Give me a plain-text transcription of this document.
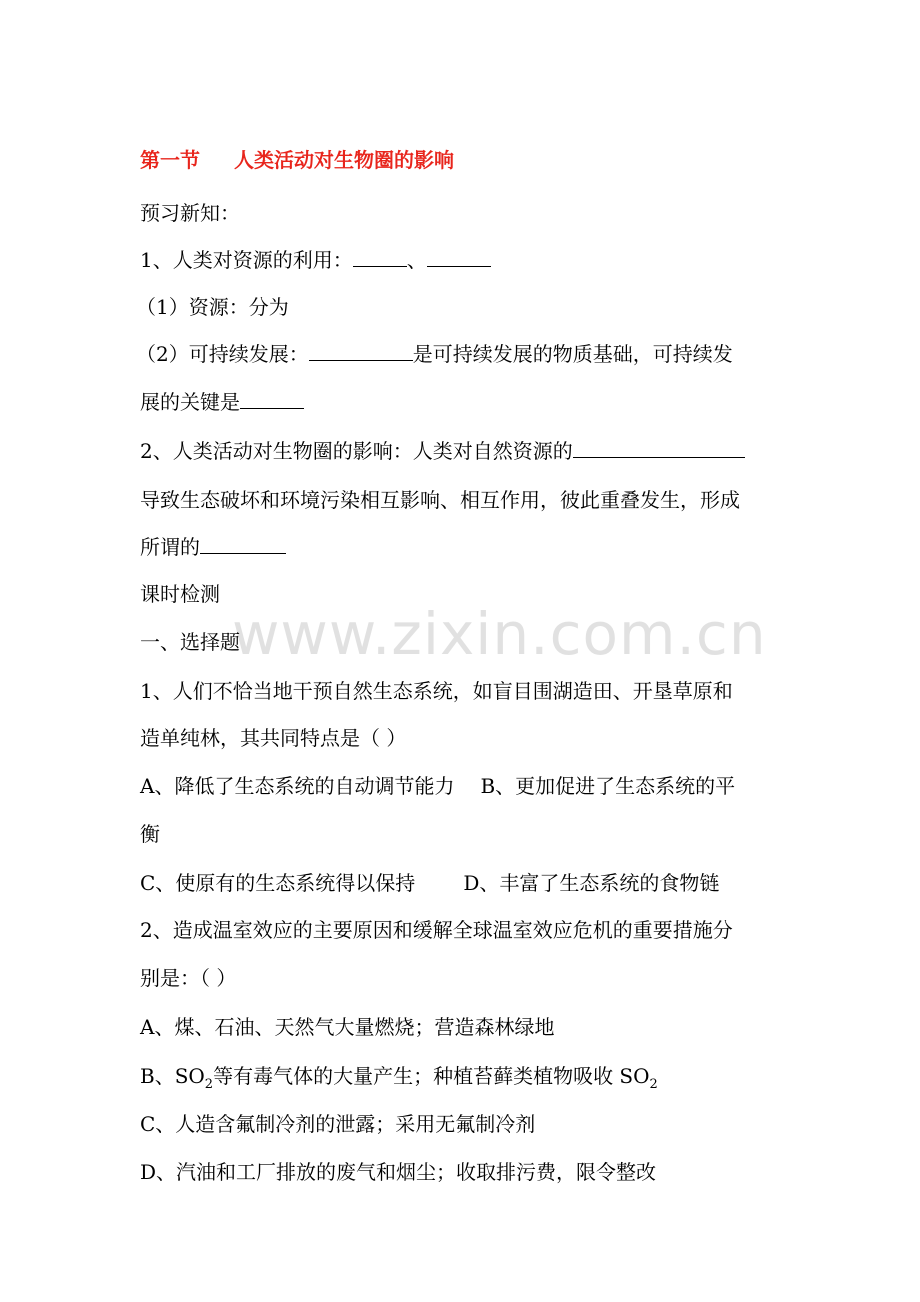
www.zixin.com.cn
第一节 人类活动对生物圈的影响
预习新知：
1、人类对资源的利用：	、
（1）资源：分为
（2）可持续发展：	是可持续发展的物质基础，可持续发
展的关键是
2、人类活动对生物圈的影响：人类对自然资源的
导致生态破坏和环境污染相互影响、相互作用，彼此重叠发生，形成
所谓的
课时检测
一、选择题
1、人们不恰当地干预自然生态系统，如盲目围湖造田、开垦草原和
造单纯林，其共同特点是（ ）
A、降低了生态系统的自动调节能力 B、更加促进了生态系统的平
衡
C、使原有的生态系统得以保持 D、丰富了生态系统的食物链
2、造成温室效应的主要原因和缓解全球温室效应危机的重要措施分
别是：（ ）
A、煤、石油、天然气大量燃烧；营造森林绿地
B、$SO_2$等有毒气体的大量产生；种植苔藓类植物吸收 $SO_2$
C、人造含氟制冷剂的泄露；采用无氟制冷剂
D、汽油和工厂排放的废气和烟尘；收取排污费，限令整改
